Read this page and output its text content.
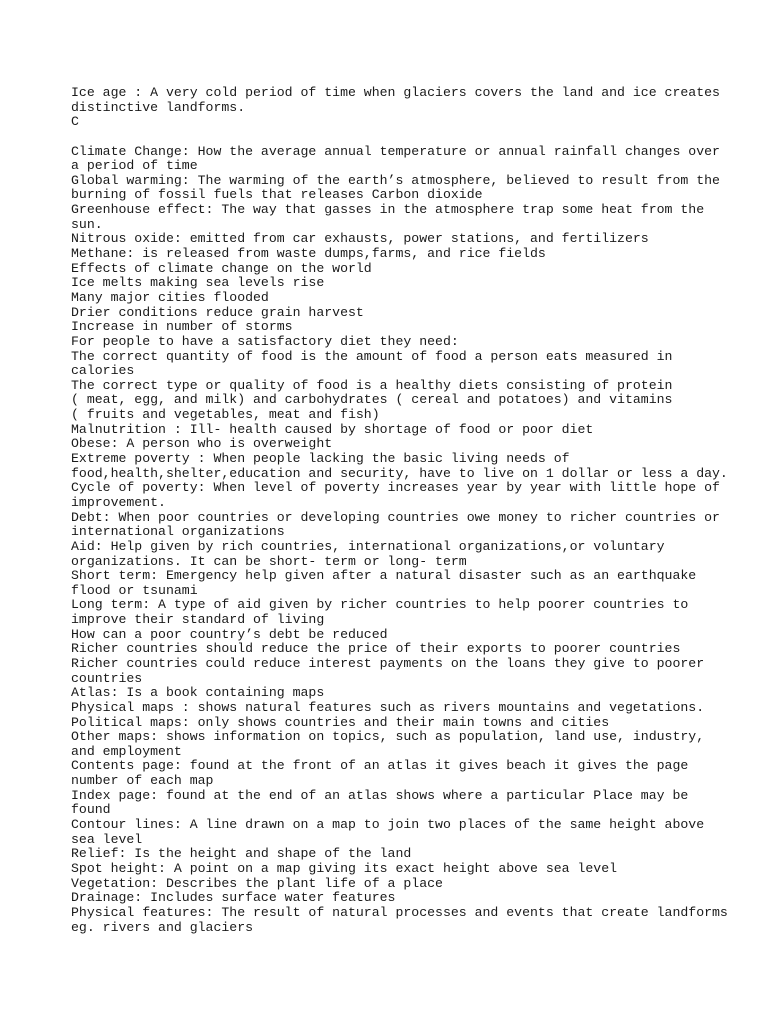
Ice age : A very cold period of time when glaciers covers the land and ice creates
distinctive landforms.
C
Climate Change: How the average annual temperature or annual rainfall changes over
a period of time
Global warming: The warming of the earth’s atmosphere, believed to result from the
burning of fossil fuels that releases Carbon dioxide
Greenhouse effect: The way that gasses in the atmosphere trap some heat from the
sun.
Nitrous oxide: emitted from car exhausts, power stations, and fertilizers
Methane: is released from waste dumps,farms, and rice fields
Effects of climate change on the world
Ice melts making sea levels rise
Many major cities flooded
Drier conditions reduce grain harvest
Increase in number of storms
For people to have a satisfactory diet they need:
The correct quantity of food is the amount of food a person eats measured in
calories
The correct type or quality of food is a healthy diets consisting of protein
( meat, egg, and milk) and carbohydrates ( cereal and potatoes) and vitamins
( fruits and vegetables, meat and fish)
Malnutrition : Ill- health caused by shortage of food or poor diet
Obese: A person who is overweight
Extreme poverty : When people lacking the basic living needs of
food,health,shelter,education and security, have to live on 1 dollar or less a day.
Cycle of poverty: When level of poverty increases year by year with little hope of
improvement.
Debt: When poor countries or developing countries owe money to richer countries or
international organizations
Aid: Help given by rich countries, international organizations,or voluntary
organizations. It can be short- term or long- term
Short term: Emergency help given after a natural disaster such as an earthquake
flood or tsunami
Long term: A type of aid given by richer countries to help poorer countries to
improve their standard of living
How can a poor country’s debt be reduced
Richer countries should reduce the price of their exports to poorer countries
Richer countries could reduce interest payments on the loans they give to poorer
countries
Atlas: Is a book containing maps
Physical maps : shows natural features such as rivers mountains and vegetations.
Political maps: only shows countries and their main towns and cities
Other maps: shows information on topics, such as population, land use, industry,
and employment
Contents page: found at the front of an atlas it gives beach it gives the page
number of each map
Index page: found at the end of an atlas shows where a particular Place may be
found
Contour lines: A line drawn on a map to join two places of the same height above
sea level
Relief: Is the height and shape of the land
Spot height: A point on a map giving its exact height above sea level
Vegetation: Describes the plant life of a place
Drainage: Includes surface water features
Physical features: The result of natural processes and events that create landforms
eg. rivers and glaciers
